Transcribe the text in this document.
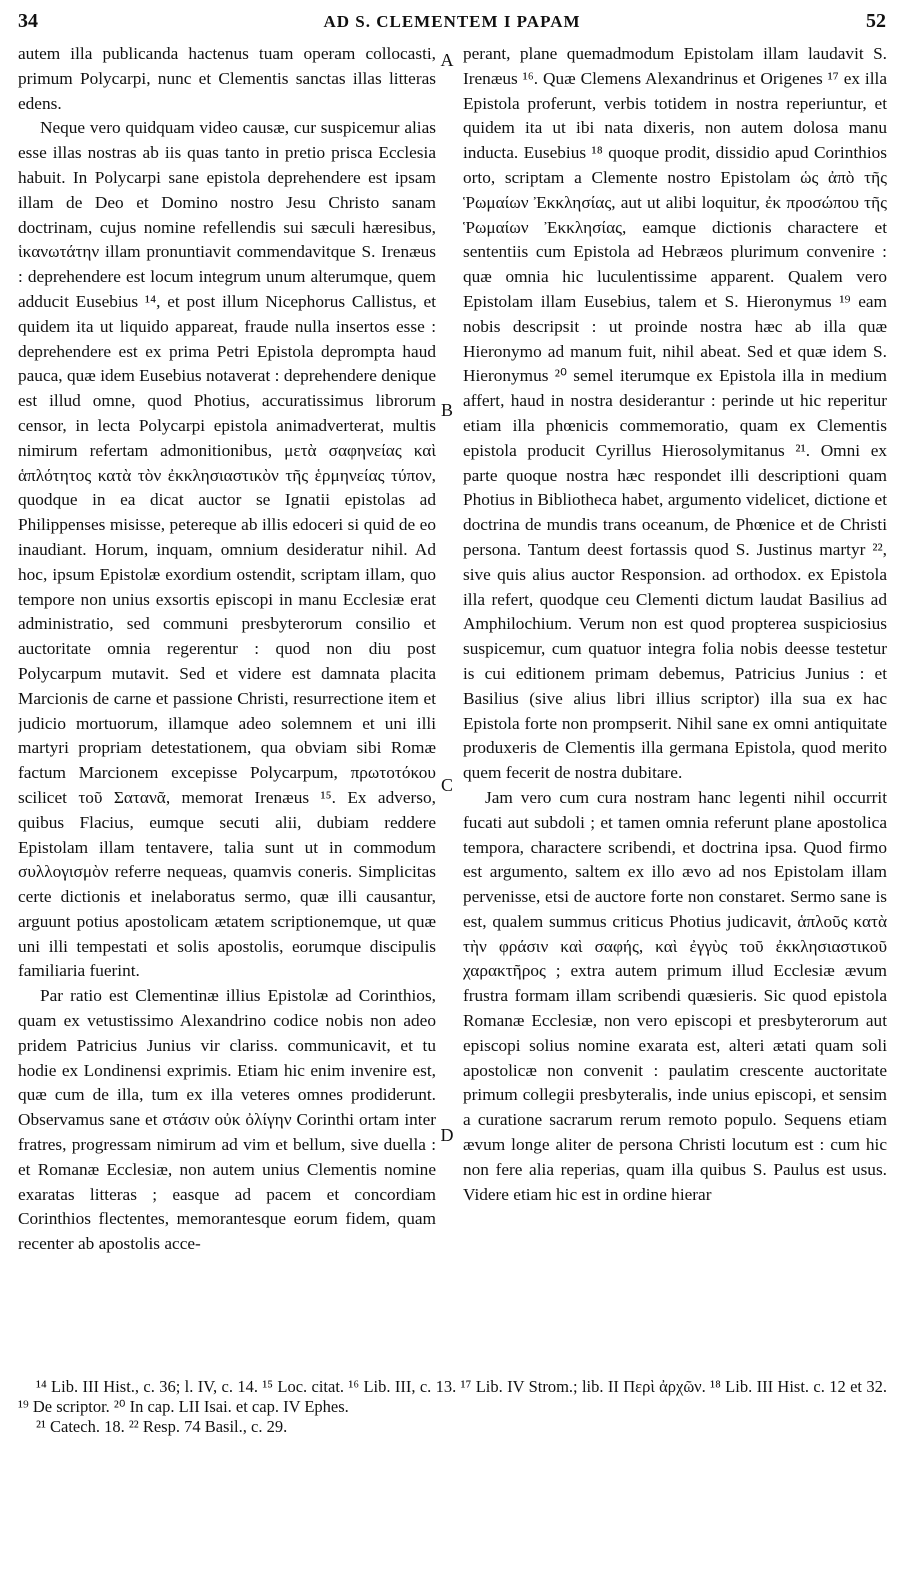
34	AD S. CLEMENTEM I PAPAM	52

autem illa publicanda hactenus tuam operam collocasti, primum Polycarpi, nunc et Clementis sanctas illas litteras edens.

Neque vero quidquam video causæ, cur suspicemur alias esse illas nostras ab iis quas tanto in pretio prisca Ecclesia habuit. In Polycarpi sane epistola deprehendere est ipsam illam de Deo et Domino nostro Jesu Christo sanam doctrinam, cujus nomine refellendis sui sæculi hæresibus, ἱκανωτάτην illam pronuntiavit commendavitque S. Irenæus : deprehendere est locum integrum unum alterumque, quem adducit Eusebius ¹⁴, et post illum Nicephorus Callistus, et quidem ita ut liquido appareat, fraude nulla insertos esse : deprehendere est ex prima Petri Epistola deprompta haud pauca, quæ idem Eusebius notaverat : deprehendere denique est illud omne, quod Photius, accuratissimus librorum censor, in lecta Polycarpi epistola animadverterat, multis nimirum refertam admonitionibus, μετὰ σαφηνείας καὶ ἁπλότητος κατὰ τὸν ἐκκλησιαστικὸν τῆς ἑρμηνείας τύπον, quodque in ea dicat auctor se Ignatii epistolas ad Philippenses misisse, petereque ab illis edoceri si quid de eo inaudiant. Horum, inquam, omnium desideratur nihil. Ad hoc, ipsum Epistolæ exordium ostendit, scriptam illam, quo tempore non unius exsortis episcopi in manu Ecclesiæ erat administratio, sed communi presbyterorum consilio et auctoritate omnia regerentur : quod non diu post Polycarpum mutavit. Sed et videre est damnata placita Marcionis de carne et passione Christi, resurrectione item et judicio mortuorum, illamque adeo solemnem et uni illi martyri propriam detestationem, qua obviam sibi Romæ factum Marcionem excepisse Polycarpum, πρωτοτόκου scilicet τοῦ Σατανᾶ, memorat Irenæus ¹⁵. Ex adverso, quibus Flacius, eumque secuti alii, dubiam reddere Epistolam illam tentavere, talia sunt ut in commodum συλλογισμὸν referre nequeas, quamvis coneris. Simplicitas certe dictionis et inelaboratus sermo, quæ illi causantur, arguunt potius apostolicam ætatem scriptionemque, ut quæ uni illi tempestati et solis apostolis, eorumque discipulis familiaria fuerint.

Par ratio est Clementinæ illius Epistolæ ad Corinthios, quam ex vetustissimo Alexandrino codice nobis non adeo pridem Patricius Junius vir clariss. communicavit, et tu hodie ex Londinensi exprimis. Etiam hic enim invenire est, quæ cum de illa, tum ex illa veteres omnes prodiderunt. Observamus sane et στάσιν οὐκ ὀλίγην Corinthi ortam inter fratres, progressam nimirum ad vim et bellum, sive duella : et Romanæ Ecclesiæ, non autem unius Clementis nomine exaratas litteras ; easque ad pacem et concordiam Corinthios flectentes, memorantesque eorum fidem, quam recenter ab apostolis acce-

A
B
C
D

perant, plane quemadmodum Epistolam illam laudavit S. Irenæus ¹⁶. Quæ Clemens Alexandrinus et Origenes ¹⁷ ex illa Epistola proferunt, verbis totidem in nostra reperiuntur, et quidem ita ut ibi nata dixeris, non autem dolosa manu inducta. Eusebius ¹⁸ quoque prodit, dissidio apud Corinthios orto, scriptam a Clemente nostro Epistolam ὡς ἀπὸ τῆς Ῥωμαίων Ἐκκλησίας, aut ut alibi loquitur, ἐκ προσώπου τῆς Ῥωμαίων Ἐκκλησίας, eamque dictionis charactere et sententiis cum Epistola ad Hebræos plurimum convenire : quæ omnia hic luculentissime apparent. Qualem vero Epistolam illam Eusebius, talem et S. Hieronymus ¹⁹ eam nobis descripsit : ut proinde nostra hæc ab illa quæ Hieronymo ad manum fuit, nihil abeat. Sed et quæ idem S. Hieronymus ²⁰ semel iterumque ex Epistola illa in medium affert, haud in nostra desiderantur : perinde ut hic reperitur etiam illa phœnicis commemoratio, quam ex Clementis epistola producit Cyrillus Hierosolymitanus ²¹. Omni ex parte quoque nostra hæc respondet illi descriptioni quam Photius in Bibliotheca habet, argumento videlicet, dictione et doctrina de mundis trans oceanum, de Phœnice et de Christi persona. Tantum deest fortassis quod S. Justinus martyr ²², sive quis alius auctor Responsion. ad orthodox. ex Epistola illa refert, quodque ceu Clementi dictum laudat Basilius ad Amphilochium. Verum non est quod propterea suspiciosius suspicemur, cum quatuor integra folia nobis deesse testetur is cui editionem primam debemus, Patricius Junius : et Basilius (sive alius libri illius scriptor) illa sua ex hac Epistola forte non prompserit. Nihil sane ex omni antiquitate produxeris de Clementis illa germana Epistola, quod merito quem fecerit de nostra dubitare.

Jam vero cum cura nostram hanc legenti nihil occurrit fucati aut subdoli ; et tamen omnia referunt plane apostolica tempora, charactere scribendi, et doctrina ipsa. Quod firmo est argumento, saltem ex illo ævo ad nos Epistolam illam pervenisse, etsi de auctore forte non constaret. Sermo sane is est, qualem summus criticus Photius judicavit, ἁπλοῦς κατὰ τὴν φράσιν καὶ σαφής, καὶ ἐγγὺς τοῦ ἐκκλησιαστικοῦ χαρακτῆρος ; extra autem primum illud Ecclesiæ ævum frustra formam illam scribendi quæsieris. Sic quod epistola Romanæ Ecclesiæ, non vero episcopi et presbyterorum aut episcopi solius nomine exarata est, alteri ætati quam soli apostolicæ non convenit : paulatim crescente auctoritate primum collegii presbyteralis, inde unius episcopi, et sensim a curatione sacrarum rerum remoto populo. Sequens etiam ævum longe aliter de persona Christi locutum est : cum hic non fere alia reperias, quam illa quibus S. Paulus est usus. Videre etiam hic est in ordine hierar

¹⁴ Lib. III Hist., c. 36; l. IV, c. 14. ¹⁵ Loc. citat. ¹⁶ Lib. III, c. 13. ¹⁷ Lib. IV Strom.; lib. II Περὶ ἀρχῶν. ¹⁸ Lib. III Hist. c. 12 et 32. ¹⁹ De scriptor. ²⁰ In cap. LII Isai. et cap. IV Ephes.

²¹ Catech. 18. ²² Resp. 74 Basil., c. 29.
